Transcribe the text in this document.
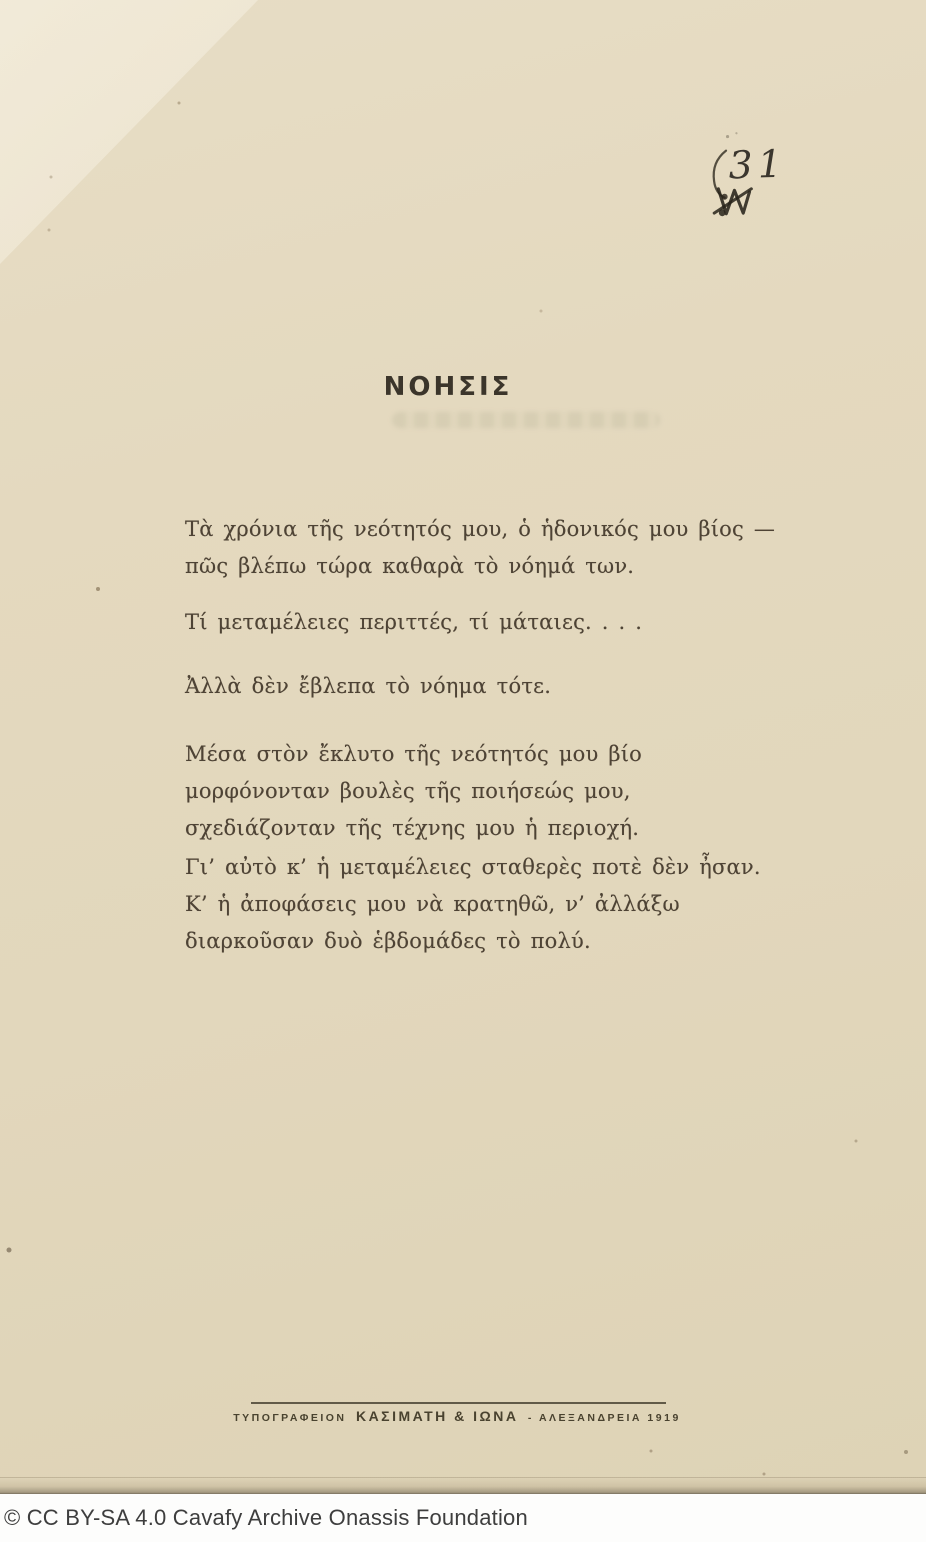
31
ΝΟΗΣΙΣ

Τὰ χρόνια τῆς νεότητός μου, ὁ ἡδονικός μου βίος —
πῶς βλέπω τώρα καθαρὰ τὸ νόημά των.

Τί μεταμέλειες περιττές, τί μάταιες. . . .

Ἀλλὰ δὲν ἔβλεπα τὸ νόημα τότε.

Μέσα στὸν ἔκλυτο τῆς νεότητός μου βίο
μορφόνονταν βουλὲς τῆς ποιήσεώς μου,
σχεδιάζονταν τῆς τέχνης μου ἡ περιοχή.

Γι’ αὐτὸ κ’ ἡ μεταμέλειες σταθερὲς ποτὲ δὲν ἦσαν.
Κ’ ἡ ἀποφάσεις μου νὰ κρατηθῶ, ν’ ἀλλάξω
διαρκοῦσαν δυὸ ἑβδομάδες τὸ πολύ.

ΤΥΠΟΓΡΑΦΕΙΟΝ ΚΑΣΙΜΑΤΗ & ΙΩΝΑ - ΑΛΕΞΑΝΔΡΕΙΑ 1919
© CC BY-SA 4.0 Cavafy Archive Onassis Foundation
